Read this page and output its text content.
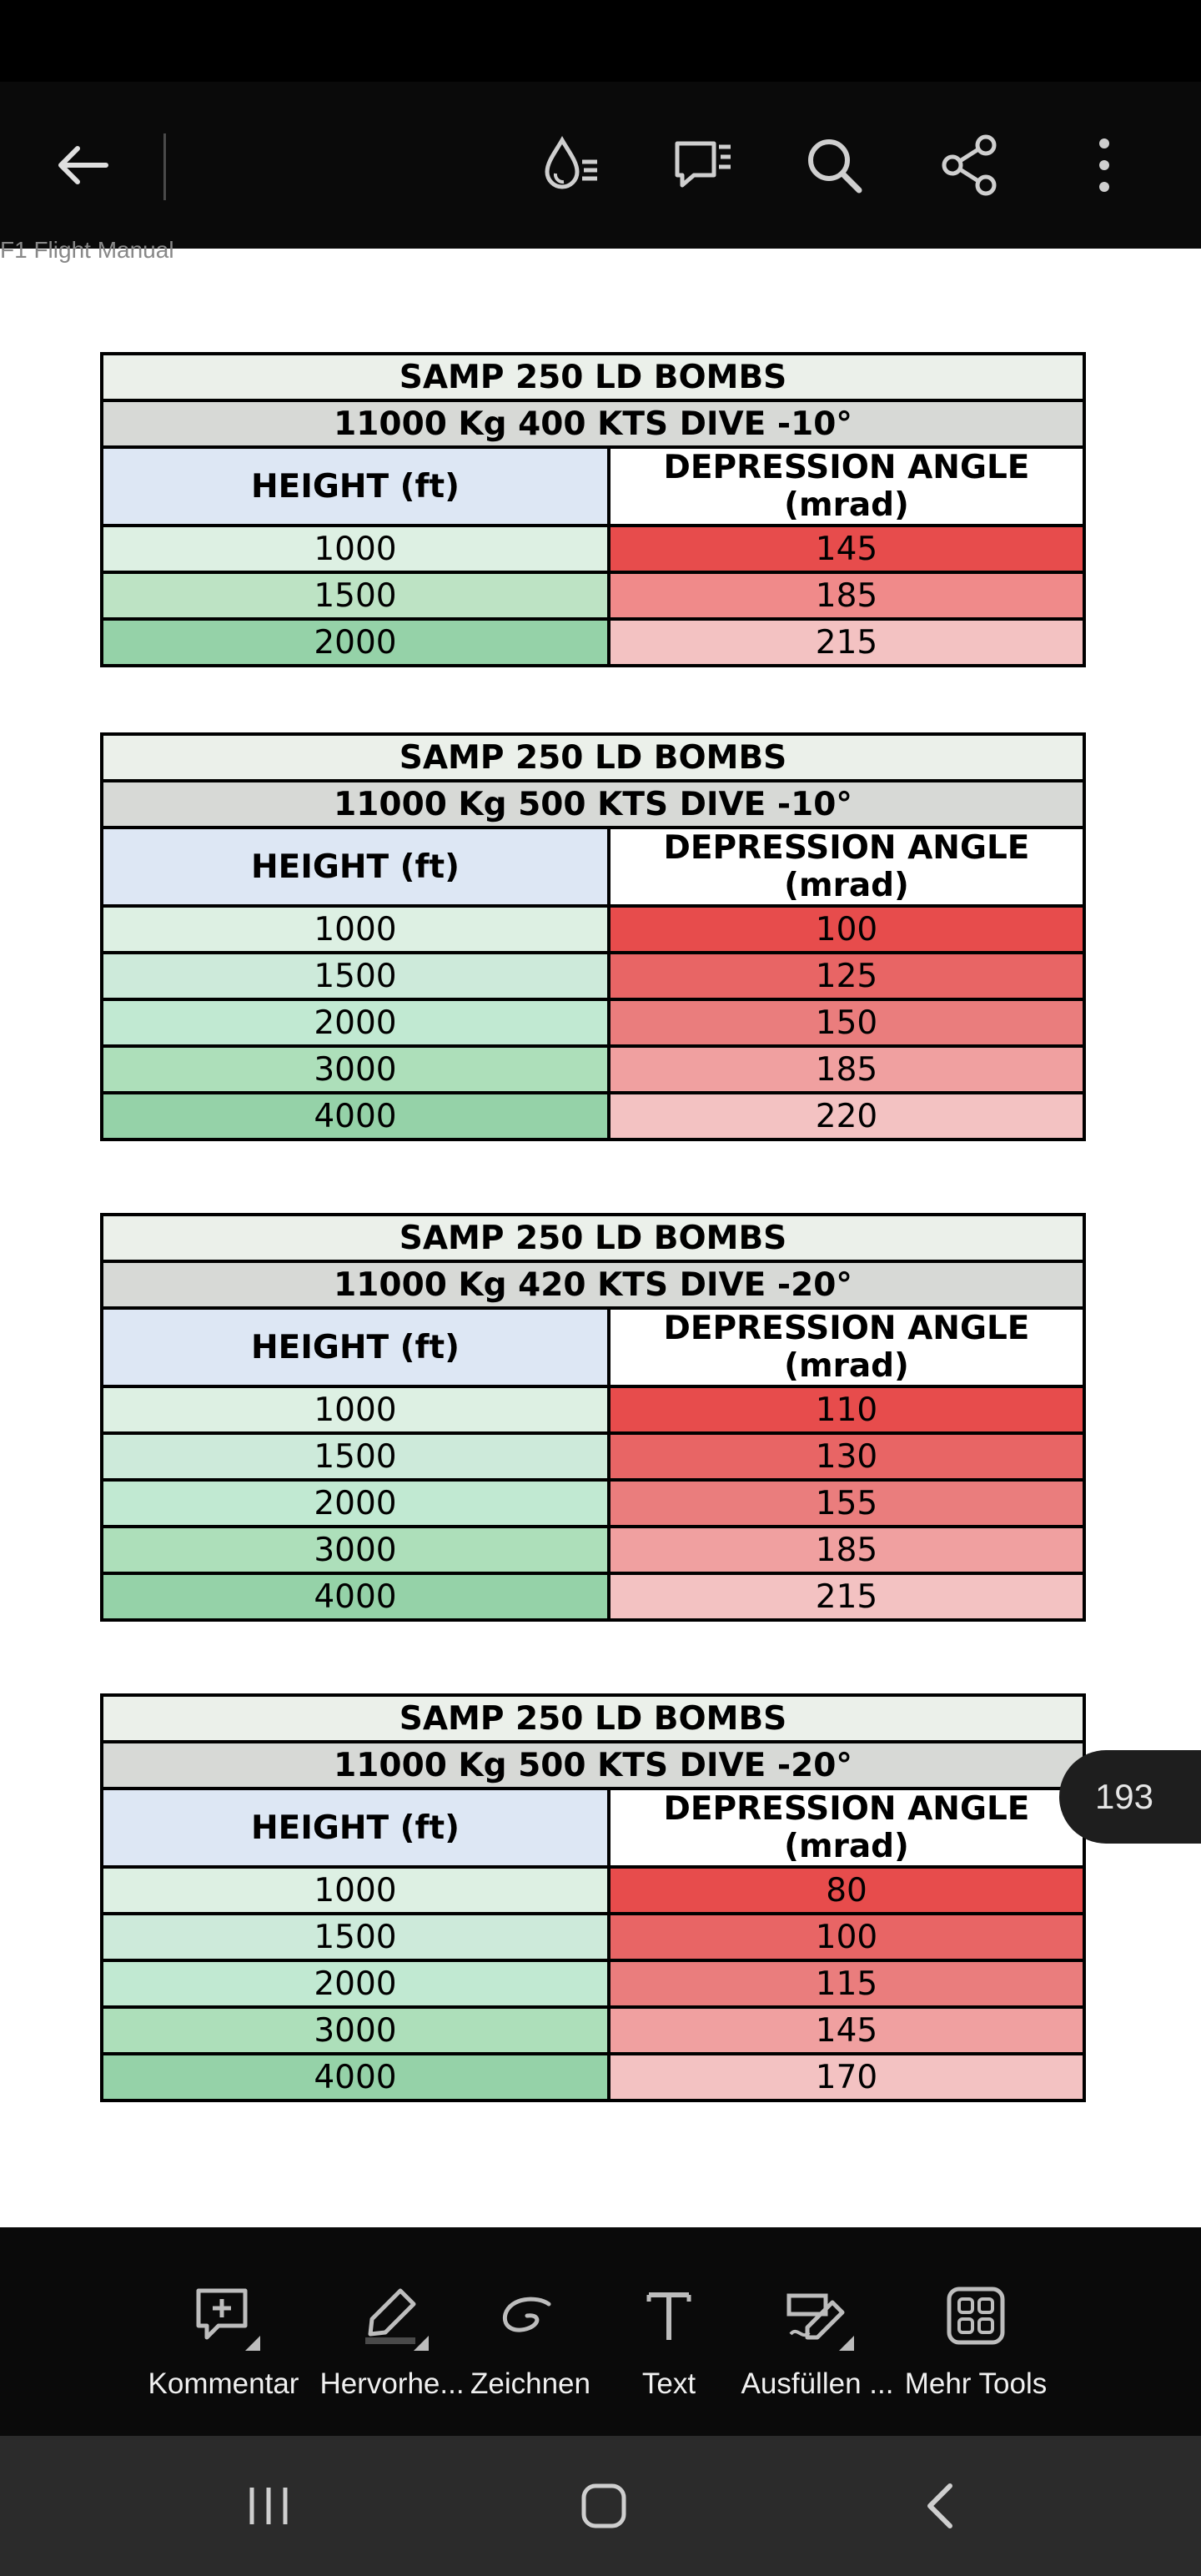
SAMP 250 LD BOMBS	
11000 Kg 400 KTS DIVE -10°	
HEIGHT (ft)	DEPRESSION ANGLE (mrad)
1000	145
1500	185
2000	215
SAMP 250 LD BOMBS	
11000 Kg 500 KTS DIVE -10°	
HEIGHT (ft)	DEPRESSION ANGLE (mrad)
1000	100
1500	125
2000	150
3000	185
4000	220
SAMP 250 LD BOMBS	
11000 Kg 420 KTS DIVE -20°	
HEIGHT (ft)	DEPRESSION ANGLE (mrad)
1000	110
1500	130
2000	155
3000	185
4000	215
SAMP 250 LD BOMBS	
11000 Kg 500 KTS DIVE -20°	
HEIGHT (ft)	DEPRESSION ANGLE (mrad)
1000	80
1500	100
2000	115
3000	145
4000	170
F1 Flight Manual
193
Kommentar Hervorhe... Zeichnen Text Ausfüllen ... Mehr Tools
